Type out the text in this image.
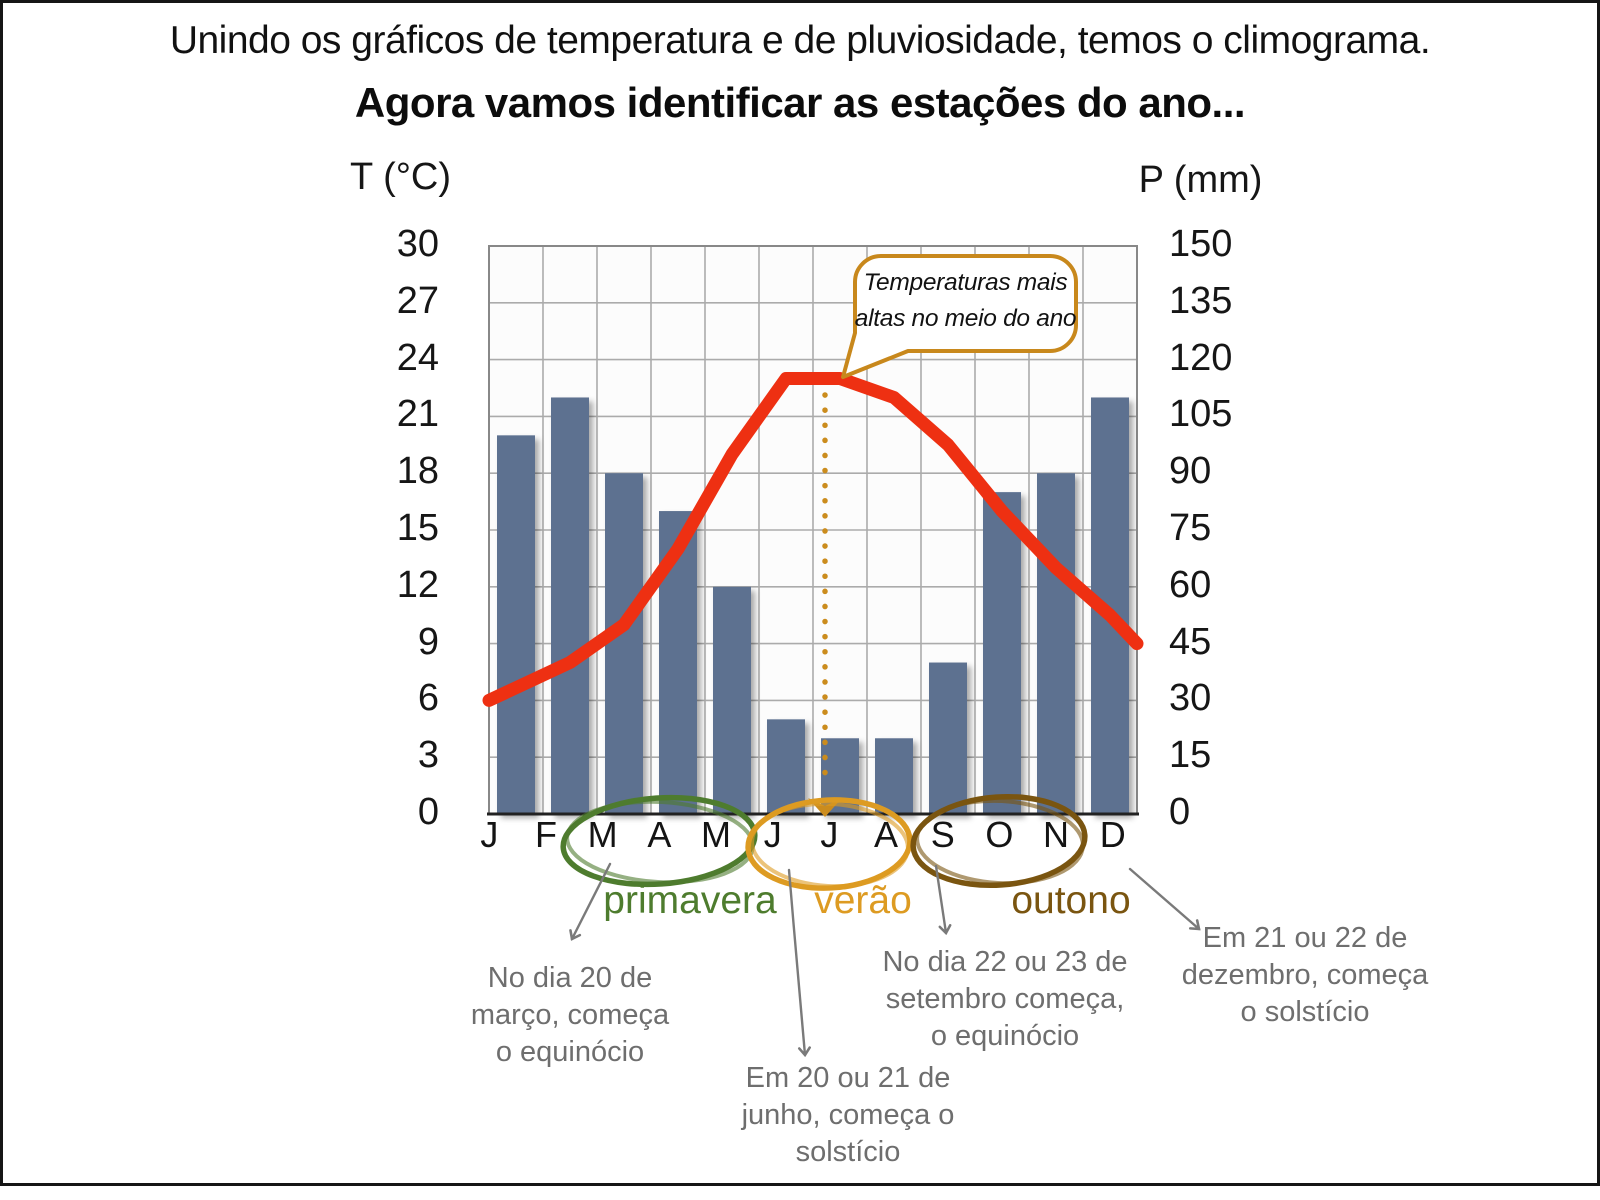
Unindo os gráficos de temperatura e de pluviosidade, temos o climograma.
Agora vamos identificar as estações do ano...
T (°C)	P (mm)
30
27
24
21
18
15
12
9
6
3
0
150
135
120
105
90
75
60
45
30
15
0
J	F M A M J	J A S O N D
Temperaturas mais
altas no meio do ano
primavera verão	outono
No dia 20 de
março, começa
o equinócio
Em 20 ou 21 de
junho, começa o
solstício
No dia 22 ou 23 de
setembro começa,
o equinócio
Em 21 ou 22 de
dezembro, começa
o solstício
